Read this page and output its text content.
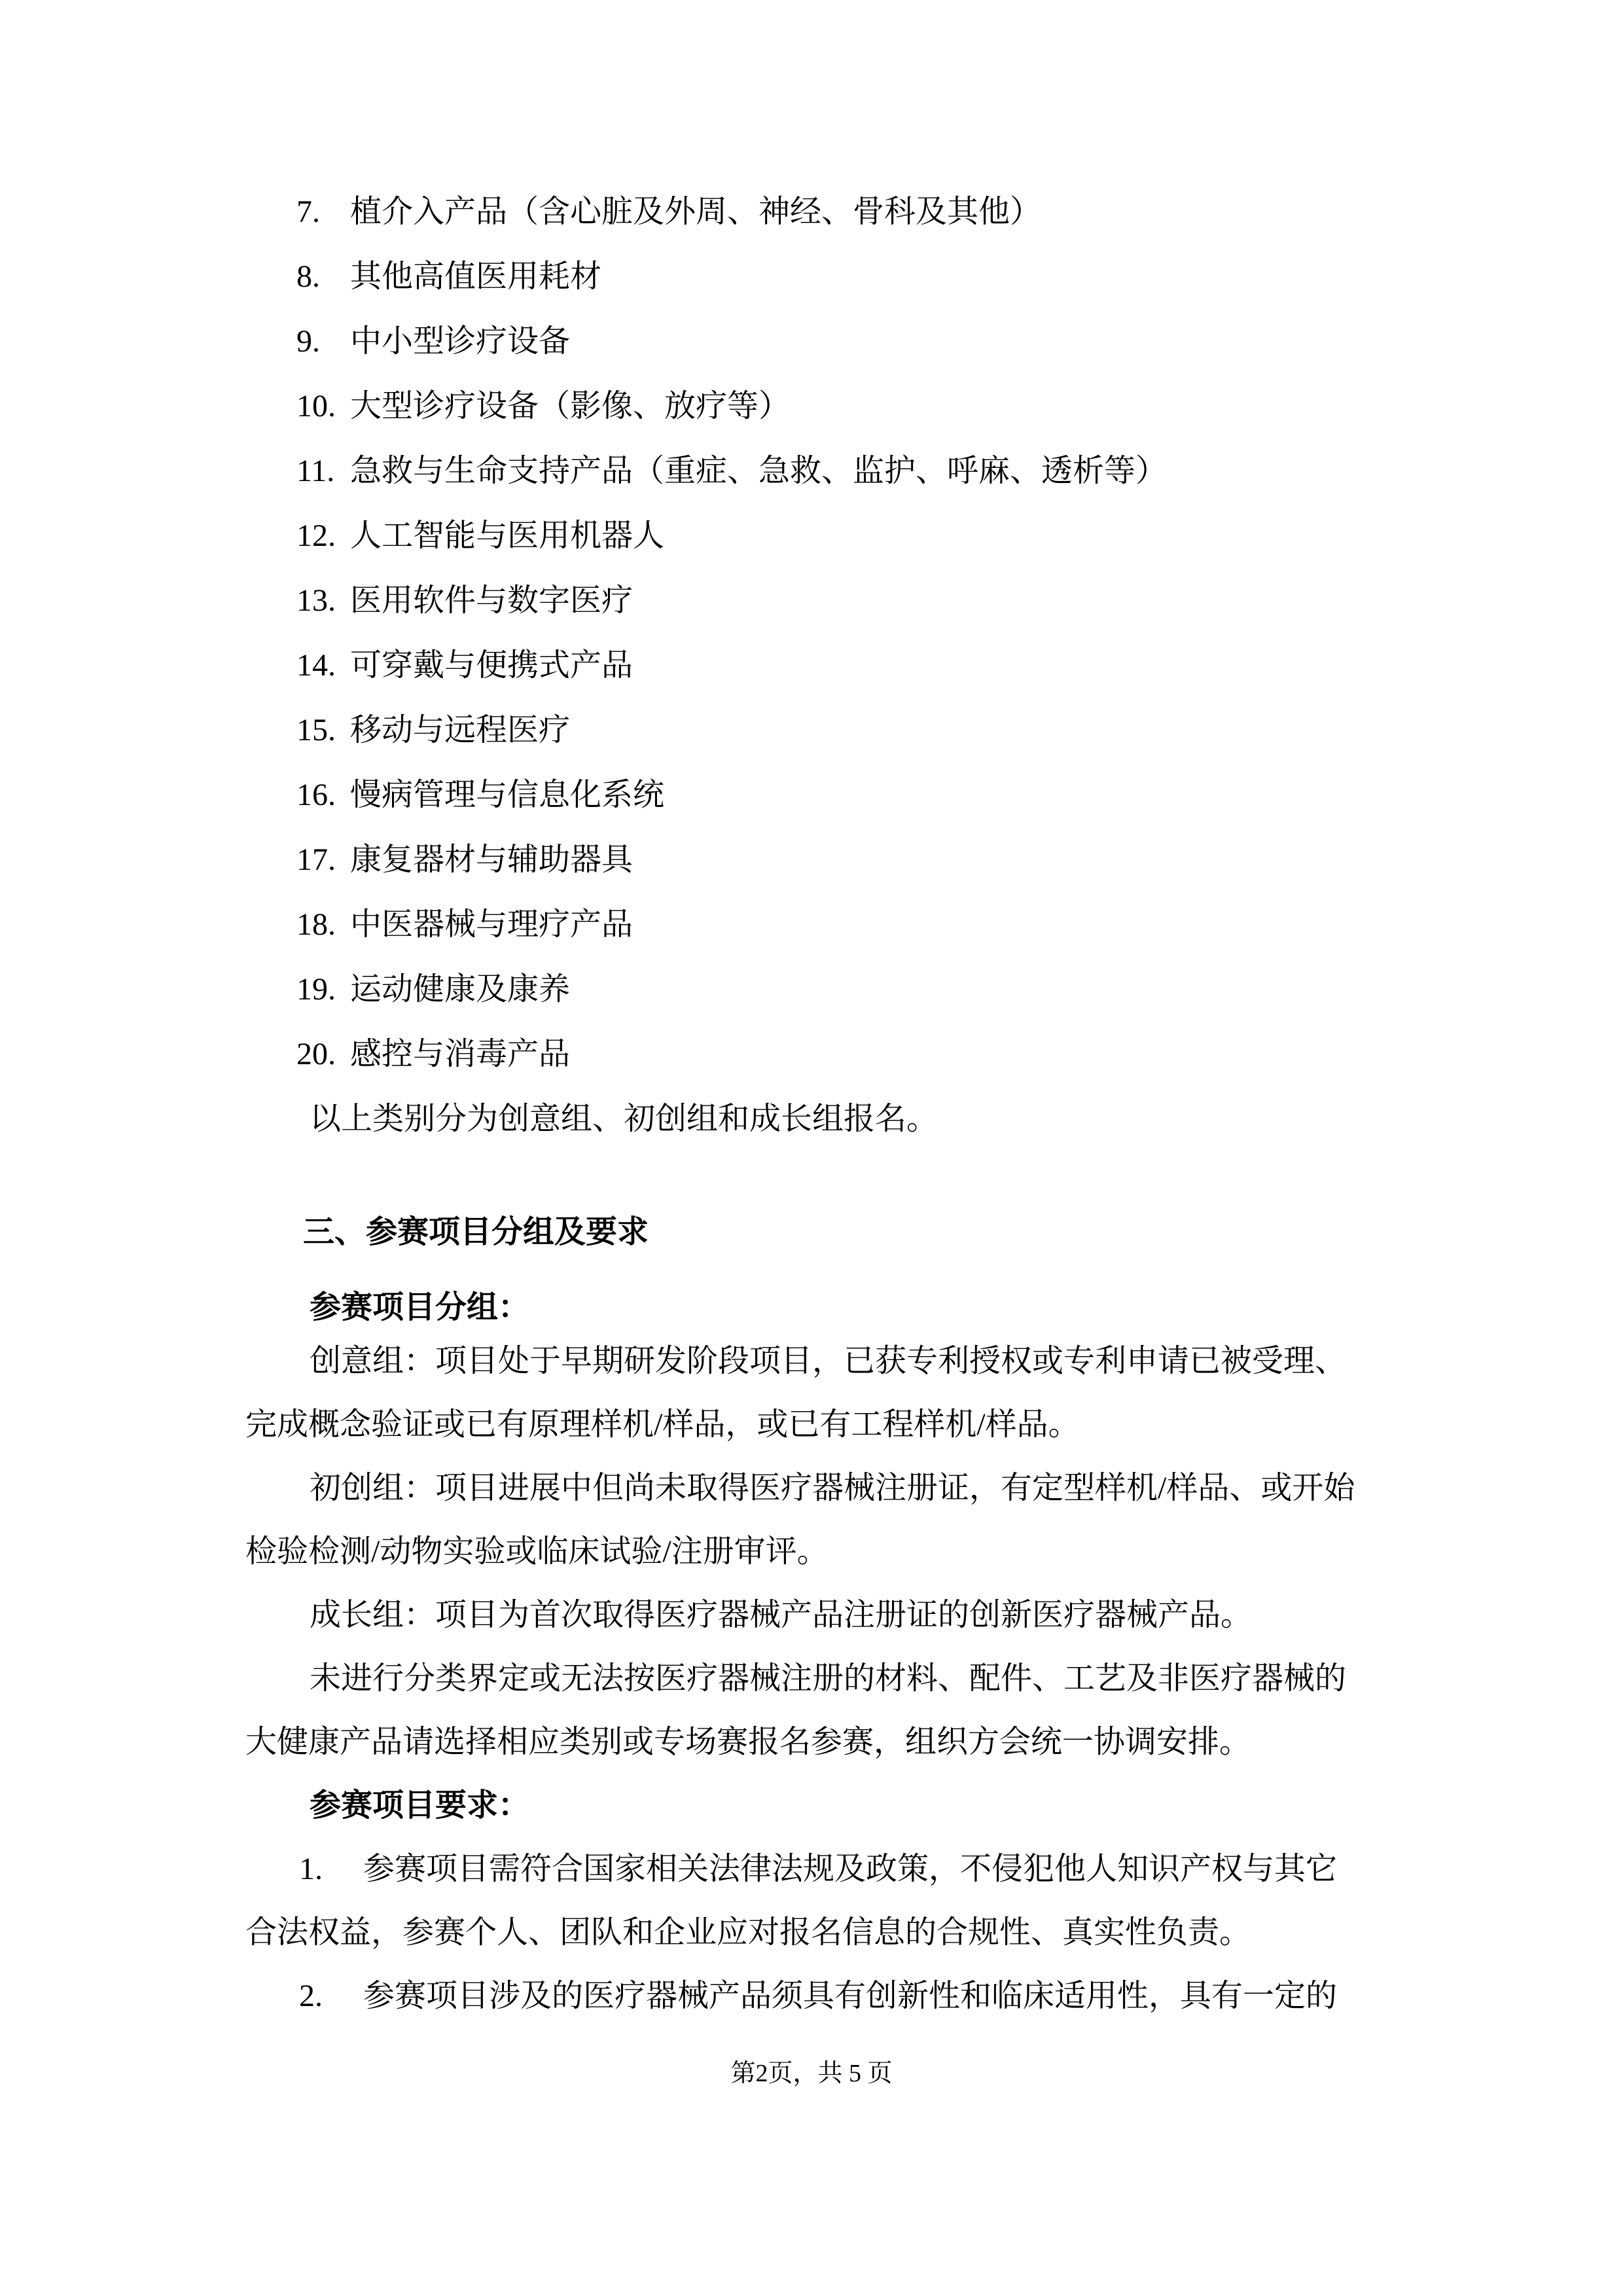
7. 植介入产品（含心脏及外周、神经、骨科及其他）
8. 其他高值医用耗材
9. 中小型诊疗设备
10. 大型诊疗设备（影像、放疗等）
11. 急救与生命支持产品（重症、急救、监护、呼麻、透析等）
12. 人工智能与医用机器人
13. 医用软件与数字医疗
14. 可穿戴与便携式产品
15. 移动与远程医疗
16. 慢病管理与信息化系统
17. 康复器材与辅助器具
18. 中医器械与理疗产品
19. 运动健康及康养
20. 感控与消毒产品
以上类别分为创意组、初创组和成长组报名。
三、参赛项目分组及要求
参赛项目分组：
创意组：项目处于早期研发阶段项目，已获专利授权或专利申请已被受理、
完成概念验证或已有原理样机/样品，或已有工程样机/样品。
初创组：项目进展中但尚未取得医疗器械注册证，有定型样机/样品、或开始
检验检测/动物实验或临床试验/注册审评。
成长组：项目为首次取得医疗器械产品注册证的创新医疗器械产品。
未进行分类界定或无法按医疗器械注册的材料、配件、工艺及非医疗器械的
大健康产品请选择相应类别或专场赛报名参赛，组织方会统一协调安排。
参赛项目要求：
1. 参赛项目需符合国家相关法律法规及政策，不侵犯他人知识产权与其它
合法权益，参赛个人、团队和企业应对报名信息的合规性、真实性负责。
2. 参赛项目涉及的医疗器械产品须具有创新性和临床适用性，具有一定的
第2页，共 5 页
